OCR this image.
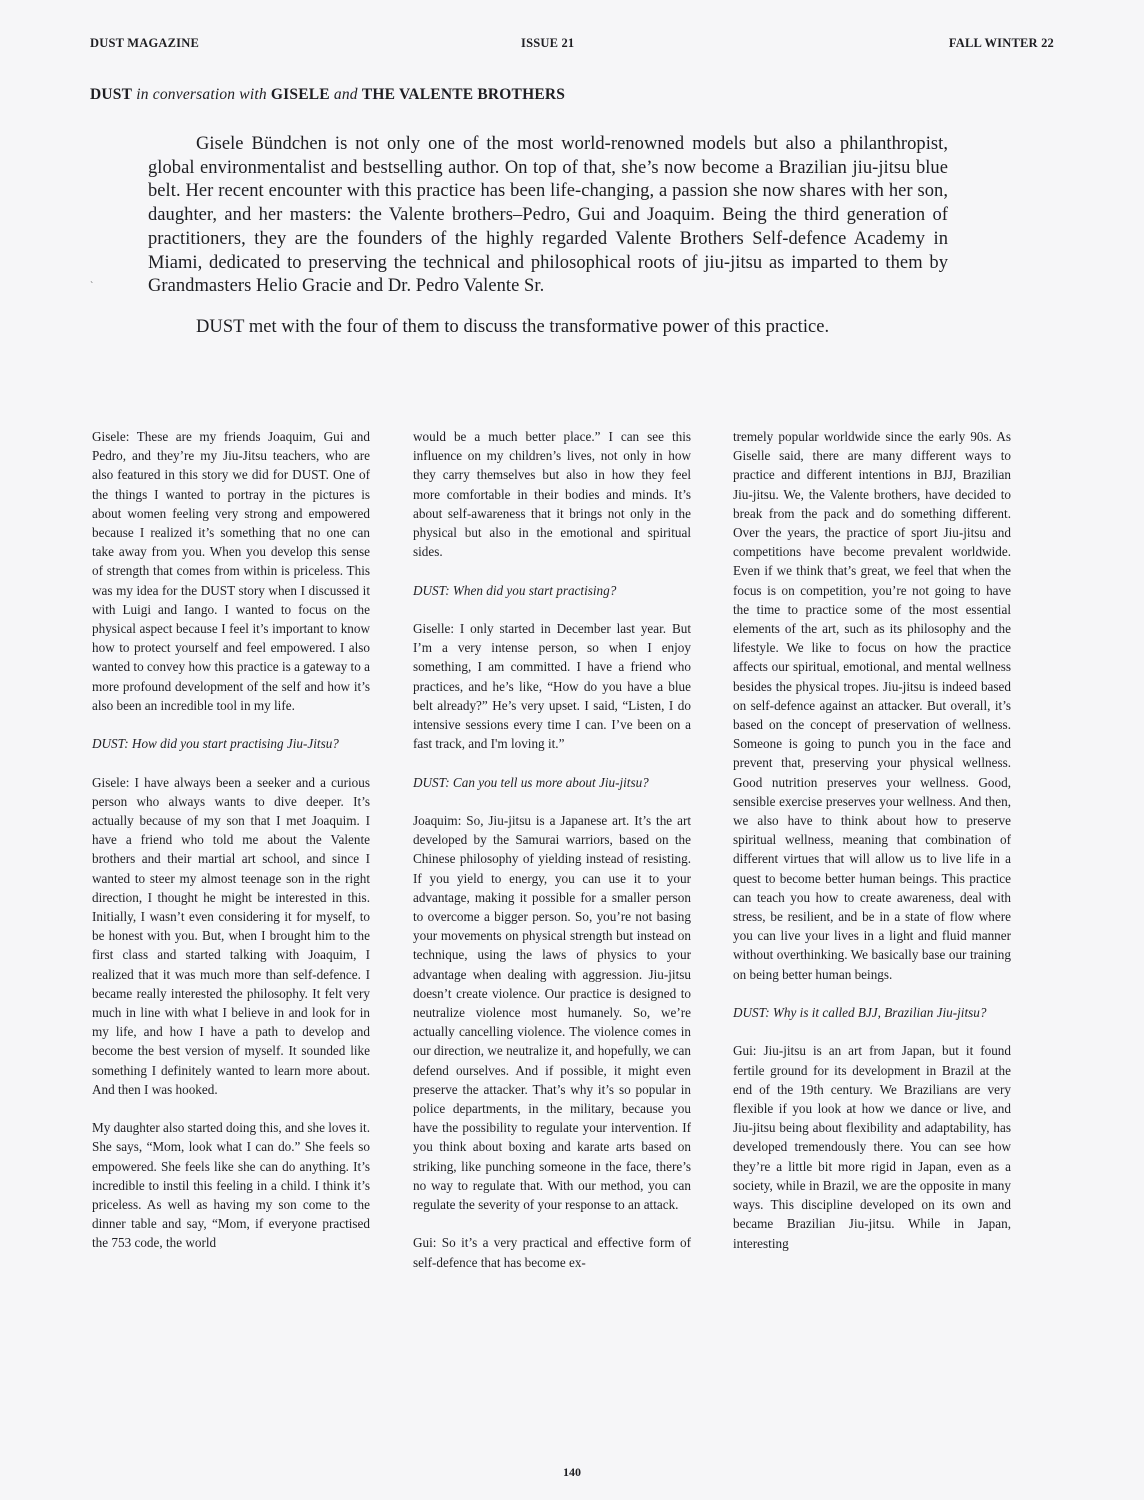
DUST MAGAZINE	ISSUE 21	FALL WINTER 22
DUST in conversation with GISELE and THE VALENTE BROTHERS

Gisele Bündchen is not only one of the most world-renowned models but also a philanthropist, global environmentalist and bestselling author. On top of that, she’s now become a Brazilian jiu-jitsu blue belt. Her recent encounter with this practice has been life-changing, a passion she now shares with her son, daughter, and her masters: the Valente brothers–Pedro, Gui and Joaquim. Being the third generation of practitioners, they are the founders of the highly regarded Valente Brothers Self-defence Academy in Miami, dedicated to preserving the technical and philosophical roots of jiu-jitsu as imparted to them by Grandmasters Helio Gracie and Dr. Pedro Valente Sr.

DUST met with the four of them to discuss the transformative power of this practice.

ˋ

Gisele: These are my friends Joaquim, Gui and Pedro, and they’re my Jiu-Jitsu teachers, who are also featured in this story we did for DUST. One of the things I wanted to portray in the pictures is about women feeling very strong and empowered because I realized it’s something that no one can take away from you. When you develop this sense of strength that comes from within is priceless. This was my idea for the DUST story when I discussed it with Luigi and Iango. I wanted to focus on the physical aspect because I feel it’s important to know how to protect yourself and feel empowered. I also wanted to convey how this practice is a gateway to a more profound development of the self and how it’s also been an incredible tool in my life.

DUST: How did you start practising Jiu-Jitsu?

Gisele: I have always been a seeker and a curious person who always wants to dive deeper. It’s actually because of my son that I met Joaquim. I have a friend who told me about the Valente brothers and their martial art school, and since I wanted to steer my almost teenage son in the right direction, I thought he might be interested in this. Initially, I wasn’t even considering it for myself, to be honest with you. But, when I brought him to the first class and started talking with Joaquim, I realized that it was much more than self-defence. I became really interested the philosophy. It felt very much in line with what I believe in and look for in my life, and how I have a path to develop and become the best version of myself. It sounded like something I definitely wanted to learn more about. And then I was hooked.

My daughter also started doing this, and she loves it. She says, “Mom, look what I can do.” She feels so empowered. She feels like she can do anything. It’s incredible to instil this feeling in a child. I think it’s priceless. As well as having my son come to the dinner table and say, “Mom, if everyone practised the 753 code, the world

would be a much better place.” I can see this influence on my children’s lives, not only in how they carry themselves but also in how they feel more comfortable in their bodies and minds. It’s about self-awareness that it brings not only in the physical but also in the emotional and spiritual sides.

DUST: When did you start practising?

Giselle: I only started in December last year. But I’m a very intense person, so when I enjoy something, I am committed. I have a friend who practices, and he’s like, “How do you have a blue belt already?” He’s very upset. I said, “Listen, I do intensive sessions every time I can. I’ve been on a fast track, and I'm loving it.”

DUST: Can you tell us more about Jiu-jitsu?

Joaquim: So, Jiu-jitsu is a Japanese art. It’s the art developed by the Samurai warriors, based on the Chinese philosophy of yielding instead of resisting. If you yield to energy, you can use it to your advantage, making it possible for a smaller person to overcome a bigger person. So, you’re not basing your movements on physical strength but instead on technique, using the laws of physics to your advantage when dealing with aggression. Jiu-jitsu doesn’t create violence. Our practice is designed to neutralize violence most humanely. So, we’re actually cancelling violence. The violence comes in our direction, we neutralize it, and hopefully, we can defend ourselves. And if possible, it might even preserve the attacker. That’s why it’s so popular in police departments, in the military, because you have the possibility to regulate your intervention. If you think about boxing and karate arts based on striking, like punching someone in the face, there’s no way to regulate that. With our method, you can regulate the severity of your response to an attack.

Gui: So it’s a very practical and effective form of self-defence that has become ex-

tremely popular worldwide since the early 90s. As Giselle said, there are many different ways to practice and different intentions in BJJ, Brazilian Jiu-jitsu. We, the Valente brothers, have decided to break from the pack and do something different. Over the years, the practice of sport Jiu-jitsu and competitions have become prevalent worldwide. Even if we think that’s great, we feel that when the focus is on competition, you’re not going to have the time to practice some of the most essential elements of the art, such as its philosophy and the lifestyle. We like to focus on how the practice affects our spiritual, emotional, and mental wellness besides the physical tropes. Jiu-jitsu is indeed based on self-defence against an attacker. But overall, it’s based on the concept of preservation of wellness. Someone is going to punch you in the face and prevent that, preserving your physical wellness. Good nutrition preserves your wellness. Good, sensible exercise preserves your wellness. And then, we also have to think about how to preserve spiritual wellness, meaning that combination of different virtues that will allow us to live life in a quest to become better human beings. This practice can teach you how to create awareness, deal with stress, be resilient, and be in a state of flow where you can live your lives in a light and fluid manner without overthinking. We basically base our training on being better human beings.

DUST: Why is it called BJJ, Brazilian Jiu-jitsu?

Gui: Jiu-jitsu is an art from Japan, but it found fertile ground for its development in Brazil at the end of the 19th century. We Brazilians are very flexible if you look at how we dance or live, and Jiu-jitsu being about flexibility and adaptability, has developed tremendously there. You can see how they’re a little bit more rigid in Japan, even as a society, while in Brazil, we are the opposite in many ways. This discipline developed on its own and became Brazilian Jiu-jitsu. While in Japan, interesting

140
